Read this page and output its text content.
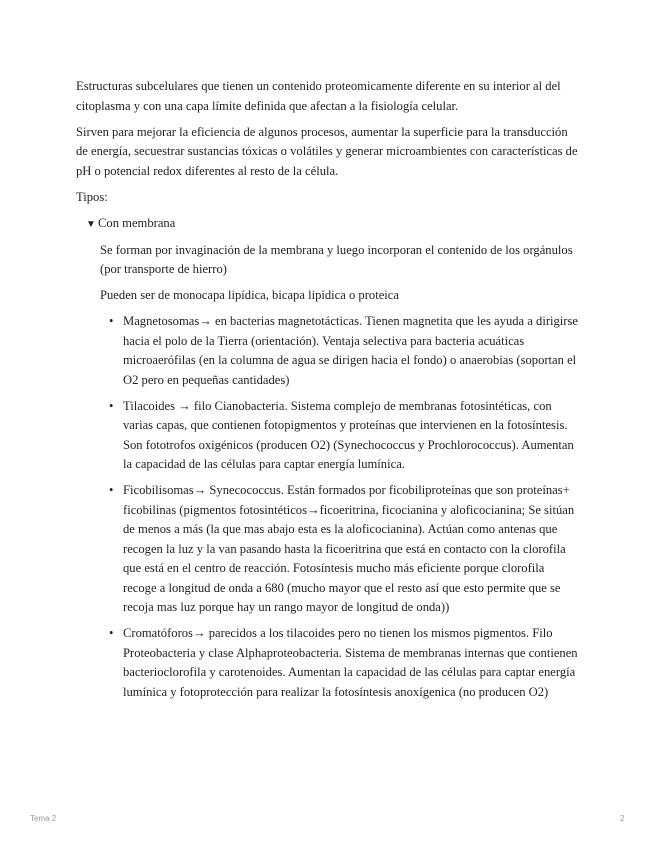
Estructuras subcelulares que tienen un contenido proteomicamente diferente en su interior al del citoplasma y con una capa límite definida que afectan a la fisiología celular.

Sirven para mejorar la eficiencia de algunos procesos, aumentar la superficie para la transducción de energía, secuestrar sustancias tóxicas o volátiles y generar microambientes con características de pH o potencial redox diferentes al resto de la célula.

Tipos:

▼ Con membrana

Se forman por invaginación de la membrana y luego incorporan el contenido de los orgánulos (por transporte de hierro)

Pueden ser de monocapa lipídica, bicapa lipídica o proteica

• Magnetosomas→ en bacterias magnetotácticas. Tienen magnetita que les ayuda a dirigirse hacia el polo de la Tierra (orientación). Ventaja selectiva para bacteria acuáticas microaerófilas (en la columna de agua se dirigen hacia el fondo) o anaerobias (soportan el O2 pero en pequeñas cantidades)
• Tilacoides → filo Cianobacteria. Sistema complejo de membranas fotosintéticas, con varias capas, que contienen fotopigmentos y proteínas que intervienen en la fotosíntesis. Son fototrofos oxigénicos (producen O2) (Synechococcus y Prochlorococcus). Aumentan la capacidad de las células para captar energía lumínica.
• Ficobilisomas→ Synecococcus. Están formados por ficobiliproteínas que son proteínas+ ficobilinas (pigmentos fotosintéticos→ficoeritrina, ficocianina y aloficocianina; Se sitúan de menos a más (la que mas abajo esta es la aloficocianina). Actúan como antenas que recogen la luz y la van pasando hasta la ficoeritrina que está en contacto con la clorofila que está en el centro de reacción. Fotosíntesis mucho más eficiente porque clorofila recoge a longitud de onda a 680 (mucho mayor que el resto así que esto permite que se recoja mas luz porque hay un rango mayor de longitud de onda))
• Cromatóforos→ parecidos a los tilacoides pero no tienen los mismos pigmentos. Filo Proteobacteria y clase Alphaproteobacteria. Sistema de membranas internas que contienen bacterioclorofila y carotenoides. Aumentan la capacidad de las células para captar energía lumínica y fotoprotección para realizar la fotosíntesis anoxígenica (no producen O2)
Tema 2	2
